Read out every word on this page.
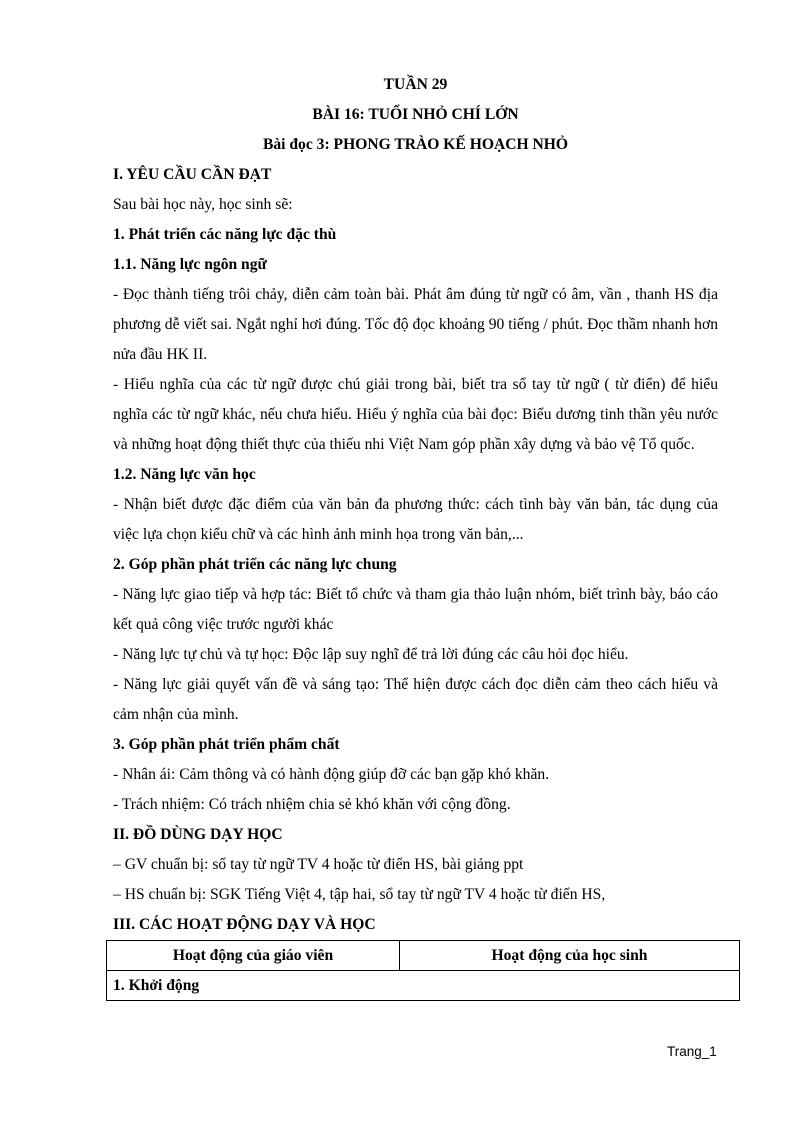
TUẦN 29
BÀI 16: TUỔI NHỎ CHÍ LỚN
Bài đọc 3: PHONG TRÀO KẾ HOẠCH NHỎ
I. YÊU CẦU CẦN ĐẠT
Sau bài học này, học sinh sẽ:
1. Phát triển các năng lực đặc thù
1.1. Năng lực ngôn ngữ
- Đọc thành tiếng trôi chảy, diễn cảm toàn bài. Phát âm đúng từ ngữ có âm, vần , thanh HS địa phương dễ viết sai. Ngắt nghỉ hơi đúng. Tốc độ đọc khoảng 90 tiếng / phút. Đọc thầm nhanh hơn nửa đầu HK II.
- Hiểu nghĩa của các từ ngữ được chú giải trong bài, biết tra sổ tay từ ngữ ( từ điển) để hiểu nghĩa các từ ngữ khác, nếu chưa hiểu. Hiểu ý nghĩa của bài đọc: Biểu dương tinh thần yêu nước và những hoạt động thiết thực của thiếu nhi Việt Nam góp phần xây dựng và bảo vệ Tổ quốc.
1.2. Năng lực văn học
- Nhận biết được đặc điểm của văn bản đa phương thức: cách tình bày văn bản, tác dụng của việc lựa chọn kiểu chữ và các hình ảnh minh họa trong văn bản,...
2. Góp phần phát triển các năng lực chung
- Năng lực giao tiếp và hợp tác: Biết tổ chức và tham gia thảo luận nhóm, biết trình bày, báo cáo kết quả công việc trước người khác
- Năng lực tự chủ và tự học: Độc lập suy nghĩ để trả lời đúng các câu hỏi đọc hiểu.
- Năng lực giải quyết vấn đề và sáng tạo: Thể hiện được cách đọc diễn cảm theo cách hiểu và cảm nhận của mình.
3. Góp phần phát triển phẩm chất
- Nhân ái: Cảm thông và có hành động giúp đỡ các bạn gặp khó khăn.
- Trách nhiệm: Có trách nhiệm chia sẻ khó khăn với cộng đồng.
II. ĐỒ DÙNG DẠY HỌC
– GV chuẩn bị: sổ tay từ ngữ TV 4 hoặc từ điển HS, bài giảng ppt
– HS chuẩn bị: SGK Tiếng Việt 4, tập hai, sổ tay từ ngữ TV 4 hoặc từ điển HS,
III. CÁC HOẠT ĐỘNG DẠY VÀ HỌC
Hoạt động của giáo viên	Hoạt động của học sinh
1. Khởi động
Trang_1
